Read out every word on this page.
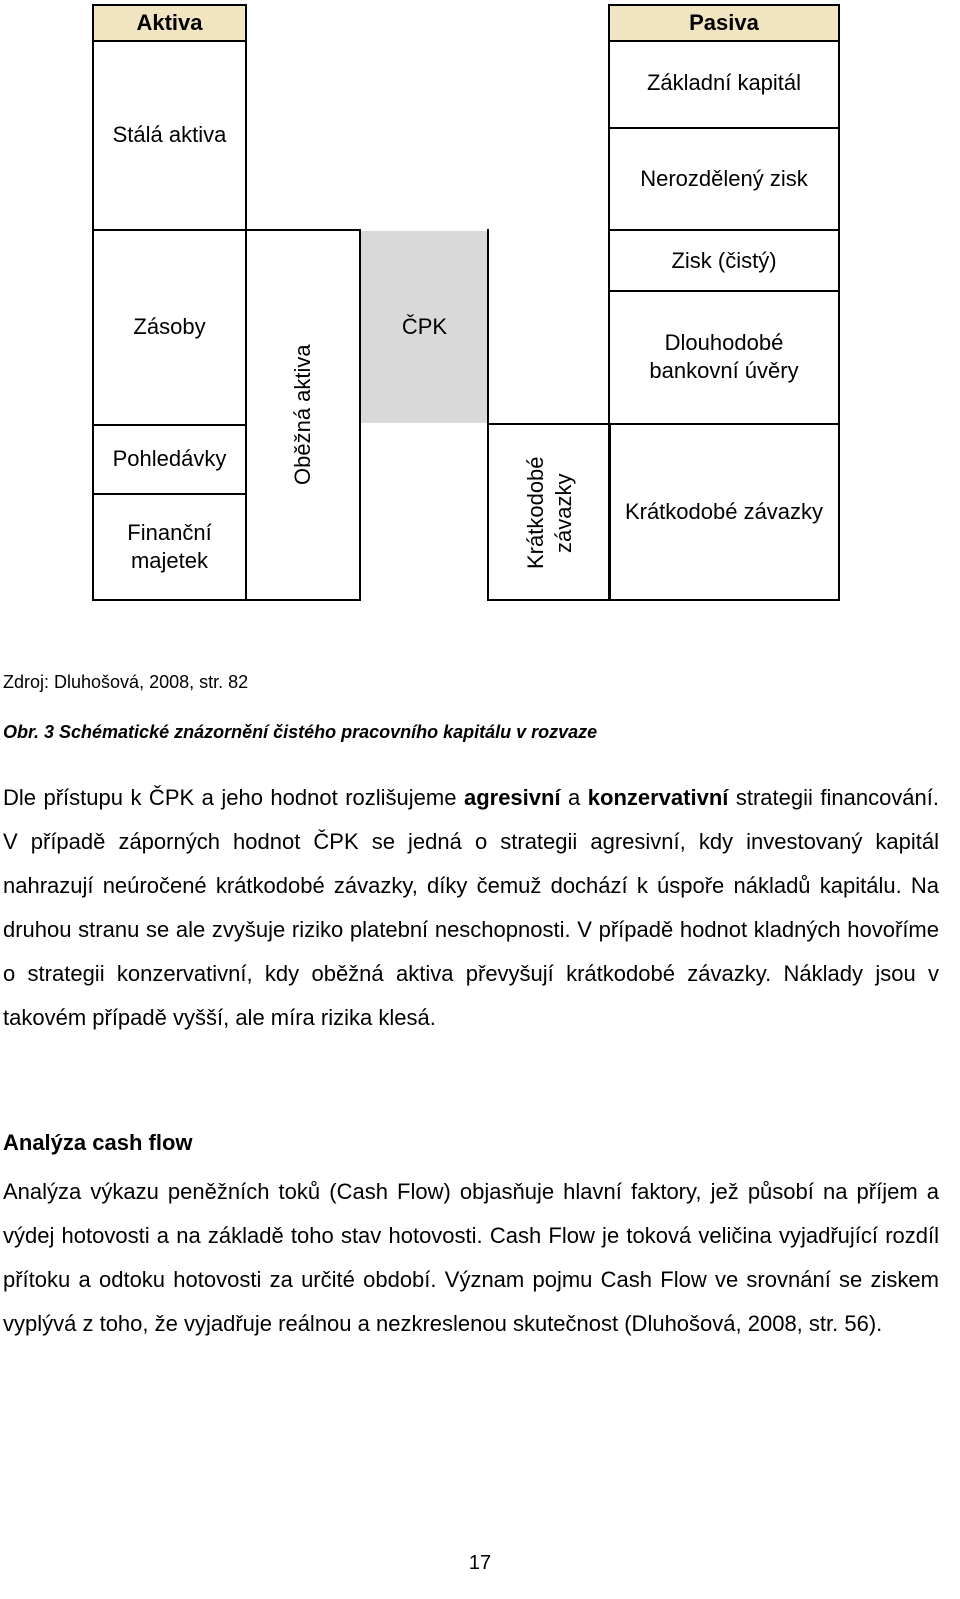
Aktiva
Stálá aktiva
Zásoby
Pohledávky
Finanční
majetek
Oběžná aktiva
ČPK
Krátkodobé závazky
Pasiva
Základní kapitál
Nerozdělený zisk
Zisk (čistý)
Dlouhodobé
bankovní úvěry
Krátkodobé závazky
Zdroj: Dluhošová, 2008, str. 82
Obr. 3 Schématické znázornění čistého pracovního kapitálu v rozvaze
Dle přístupu k ČPK a jeho hodnot rozlišujeme agresivní a konzervativní strategii financování. V případě záporných hodnot ČPK se jedná o strategii agresivní, kdy investovaný kapitál nahrazují neúročené krátkodobé závazky, díky čemuž dochází k úspoře nákladů kapitálu. Na druhou stranu se ale zvyšuje riziko platební neschopnosti. V případě hodnot kladných hovoříme o strategii konzervativní, kdy oběžná aktiva převyšují krátkodobé závazky. Náklady jsou v takovém případě vyšší, ale míra rizika klesá.
Analýza cash flow
Analýza výkazu peněžních toků (Cash Flow) objasňuje hlavní faktory, jež působí na příjem a výdej hotovosti a na základě toho stav hotovosti. Cash Flow je toková veličina vyjadřující rozdíl přítoku a odtoku hotovosti za určité období. Význam pojmu Cash Flow ve srovnání se ziskem vyplývá z toho, že vyjadřuje reálnou a nezkreslenou skutečnost (Dluhošová, 2008, str. 56).
17
